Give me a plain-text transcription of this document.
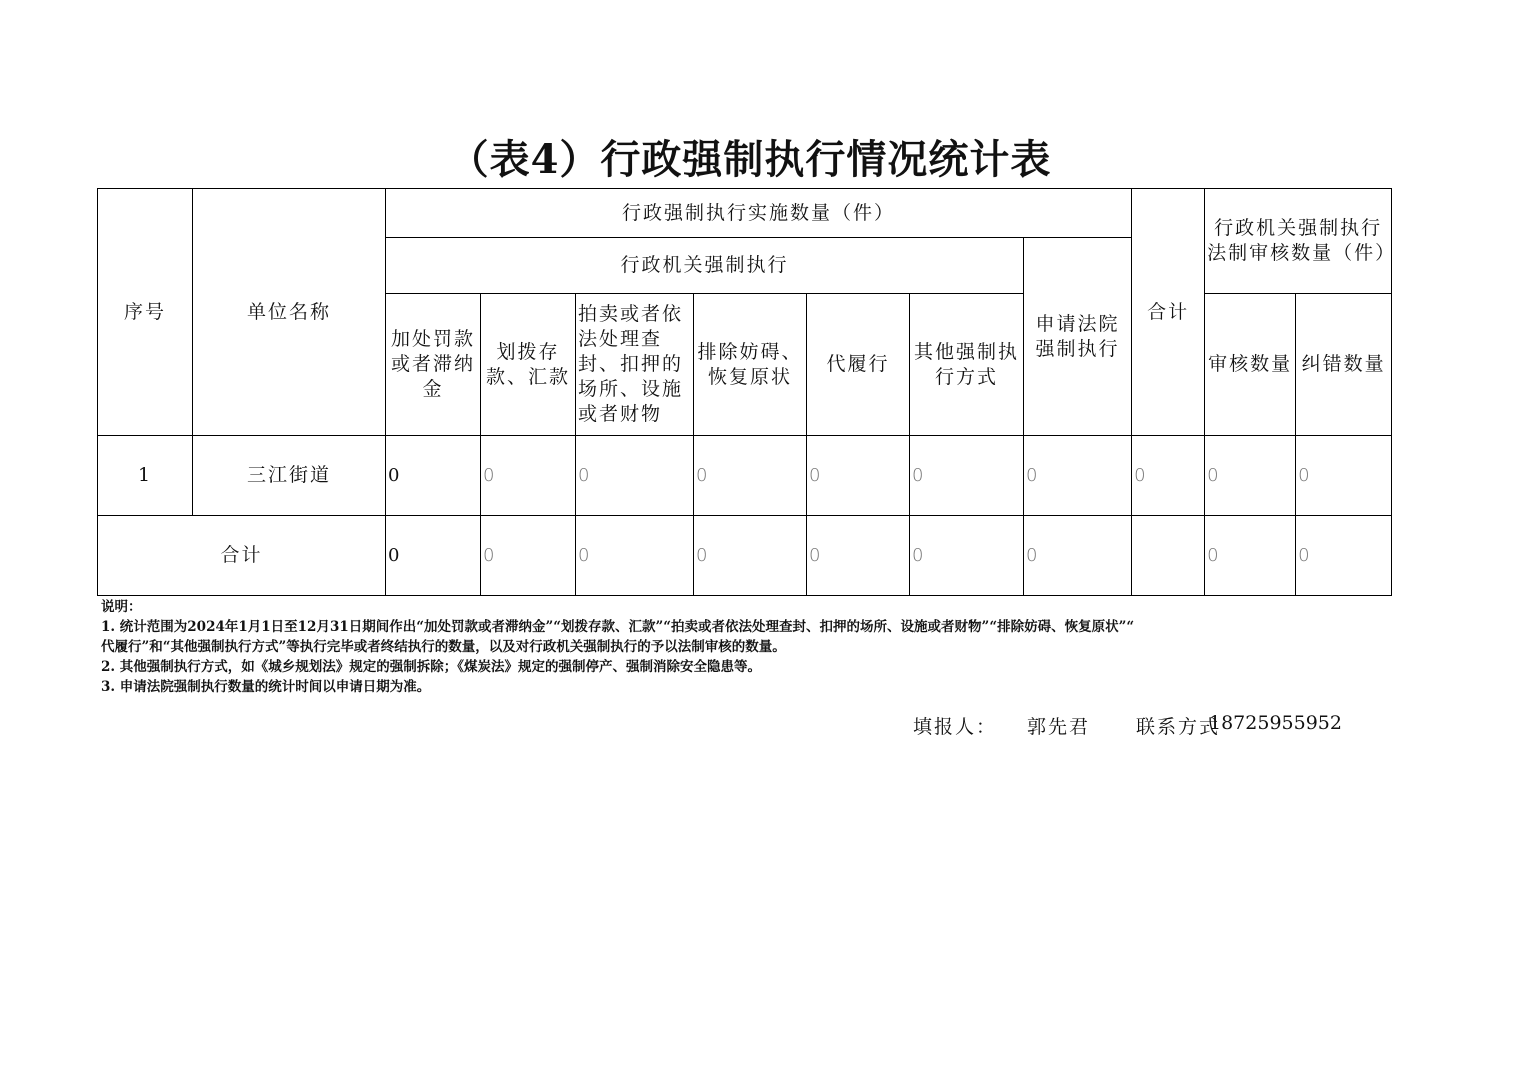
（表4）行政强制执行情况统计表
序号	单位名称	行政强制执行实施数量（件）							合计	行政机关强制执行法制审核数量（件）	
		行政机关强制执行						申请法院强制执行			
		加处罚款或者滞纳金	划拨存款、汇款	拍卖或者依法处理查封、扣押的场所、设施或者财物	排除妨碍、恢复原状	代履行	其他强制执行方式			审核数量	纠错数量
1	三江街道	0	0	0	0	0	0	0	0	0	0
合计		0	0	0	0	0	0	0		0	0
说明：
1. 统计范围为2024年1月1日至12月31日期间作出“加处罚款或者滞纳金”“划拨存款、汇款”“拍卖或者依法处理查封、扣押的场所、设施或者财物”“排除妨碍、恢复原状”“
代履行”和“其他强制执行方式”等执行完毕或者终结执行的数量，以及对行政机关强制执行的予以法制审核的数量。
2. 其他强制执行方式，如《城乡规划法》规定的强制拆除；《煤炭法》规定的强制停产、强制消除安全隐患等。
3. 申请法院强制执行数量的统计时间以申请日期为准。
填报人： 郭先君 联系方式
18725955952
